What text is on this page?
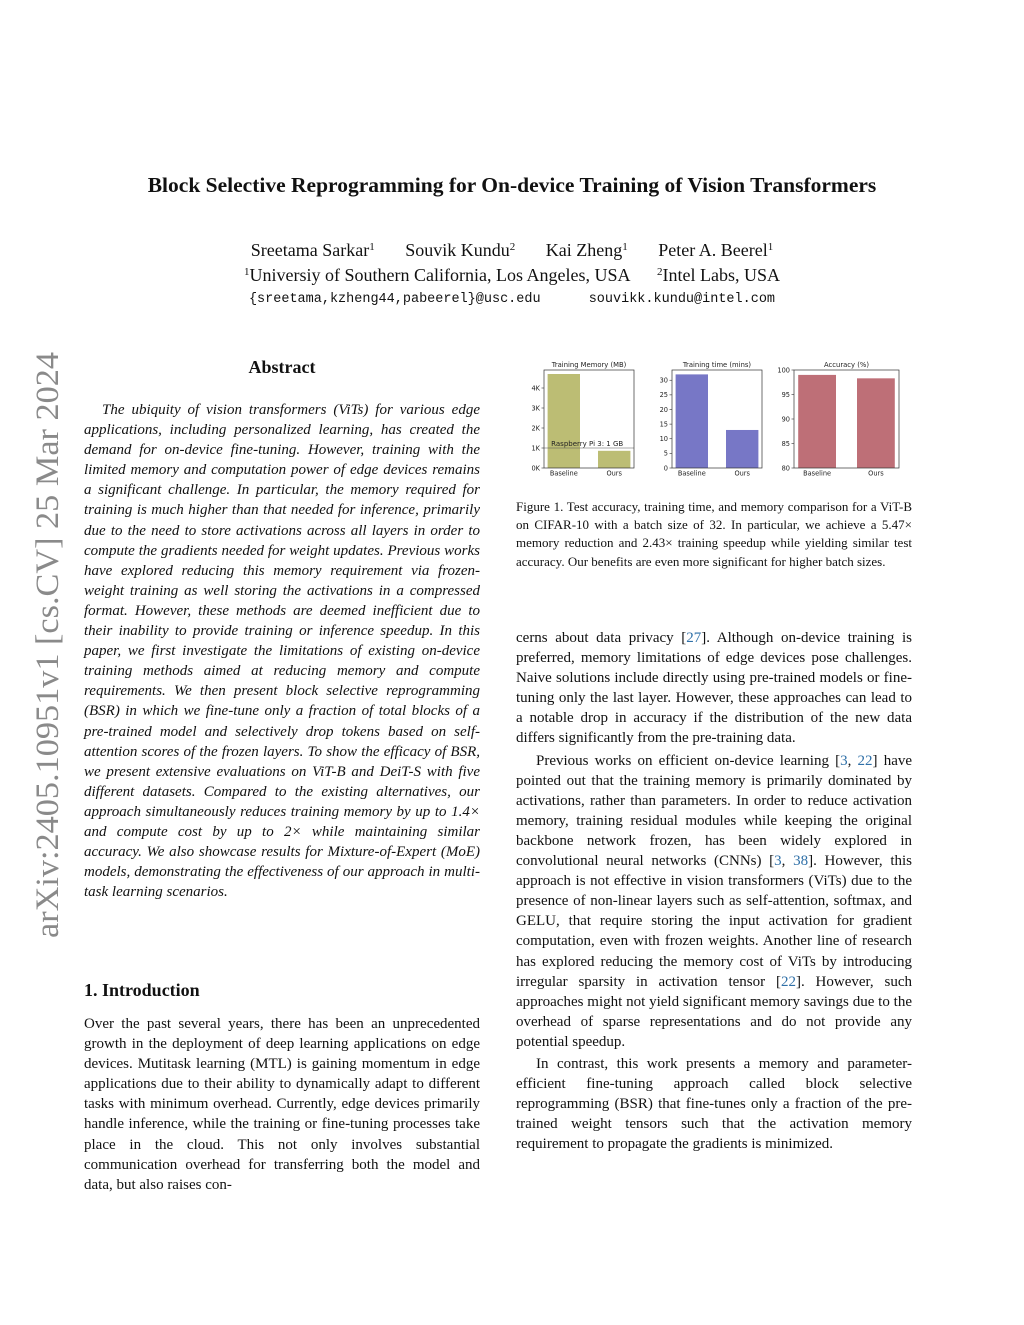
arXiv:2405.10951v1 [cs.CV] 25 Mar 2024
Block Selective Reprogramming for On-device Training of Vision Transformers
Sreetama Sarkar$^1$ Souvik Kundu$^2$ Kai Zheng$^1$ Peter A. Beerel$^1$
$^1$Universiy of Southern California, Los Angeles, USA $^2$Intel Labs, USA
{sreetama,kzheng44,pabeerel}@usc.edu	souvikk.kundu@intel.com
Abstract

The ubiquity of vision transformers (ViTs) for various edge applications, including personalized learning, has created the demand for on-device fine-tuning. However, training with the limited memory and computation power of edge devices remains a significant challenge. In particular, the memory required for training is much higher than that needed for inference, primarily due to the need to store activations across all layers in order to compute the gradients needed for weight updates. Previous works have explored reducing this memory requirement via frozen-weight training as well storing the activations in a compressed format. However, these methods are deemed inefficient due to their inability to provide training or inference speedup. In this paper, we first investigate the limitations of existing on-device training methods aimed at reducing memory and compute requirements. We then present block selective reprogramming (BSR) in which we fine-tune only a fraction of total blocks of a pre-trained model and selectively drop tokens based on self-attention scores of the frozen layers. To show the efficacy of BSR, we present extensive evaluations on ViT-B and DeiT-S with five different datasets. Compared to the existing alternatives, our approach simultaneously reduces training memory by up to 1.4× and compute cost by up to 2× while maintaining similar accuracy. We also showcase results for Mixture-of-Expert (MoE) models, demonstrating the effectiveness of our approach in multi-task learning scenarios.

1. Introduction

Over the past several years, there has been an unprecedented growth in the deployment of deep learning applications on edge devices. Mutitask learning (MTL) is gaining momentum in edge applications due to their ability to dynamically adapt to different tasks with minimum overhead. Currently, edge devices primarily handle inference, while the training or fine-tuning processes take place in the cloud. This not only involves substantial communication overhead for transferring both the model and data, but also raises con-

Training Memory (MB)
0K
1K
2K
3K
4K
Baseline	Ours
Raspberry Pi 3: 1 GB
Training time (mins)
0
5
10
15
20
25
30
Baseline	Ours
Accuracy (%)
80
85
90
95
100
Baseline	Ours
Figure 1. Test accuracy, training time, and memory comparison for a ViT-B on CIFAR-10 with a batch size of 32. In particular, we achieve a 5.47× memory reduction and 2.43× training speedup while yielding similar test accuracy. Our benefits are even more significant for higher batch sizes.

cerns about data privacy [27]. Although on-device training is preferred, memory limitations of edge devices pose challenges. Naive solutions include directly using pre-trained models or fine-tuning only the last layer. However, these approaches can lead to a notable drop in accuracy if the distribution of the new data differs significantly from the pre-training data.

Previous works on efficient on-device learning [3, 22] have pointed out that the training memory is primarily dominated by activations, rather than parameters. In order to reduce activation memory, training residual modules while keeping the original backbone network frozen, has been widely explored in convolutional neural networks (CNNs) [3, 38]. However, this approach is not effective in vision transformers (ViTs) due to the presence of non-linear layers such as self-attention, softmax, and GELU, that require storing the input activation for gradient computation, even with frozen weights. Another line of research has explored reducing the memory cost of ViTs by introducing irregular sparsity in activation tensor [22]. However, such approaches might not yield significant memory savings due to the overhead of sparse representations and do not provide any potential speedup.

In contrast, this work presents a memory and parameter-efficient fine-tuning approach called block selective reprogramming (BSR) that fine-tunes only a fraction of the pre-trained weight tensors such that the activation memory requirement to propagate the gradients is minimized.
